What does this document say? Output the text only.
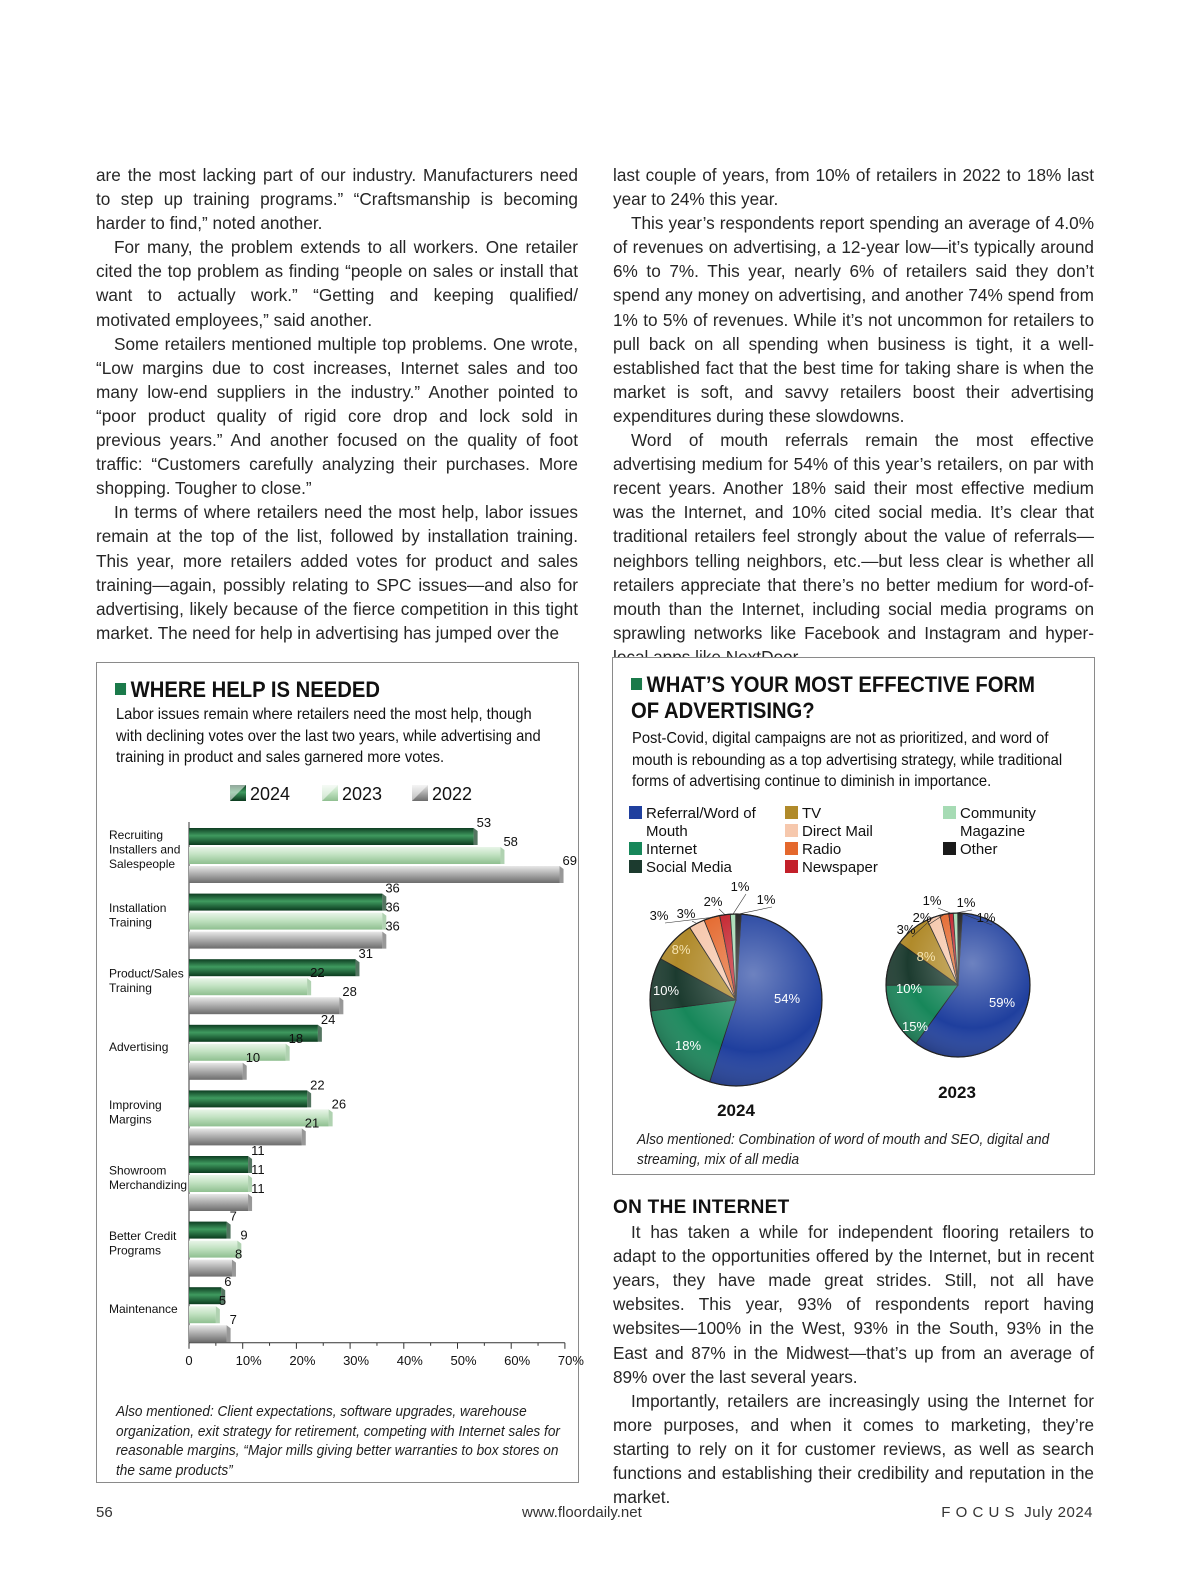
are the most lacking part of our industry. Manufacturers need to step up training programs.” “Craftsmanship is becoming harder to find,” noted another.

For many, the problem extends to all workers. One retailer cited the top problem as finding “people on sales or install that want to actually work.” “Getting and keeping qualified/ motivated employees,” said another.

Some retailers mentioned multiple top problems. One wrote, “Low margins due to cost increases, Internet sales and too many low-end suppliers in the industry.” Another pointed to “poor product quality of rigid core drop and lock sold in previous years.” And another focused on the quality of foot traffic: “Customers carefully analyzing their purchases. More shopping. Tougher to close.”

In terms of where retailers need the most help, labor issues remain at the top of the list, followed by installation training. This year, more retailers added votes for product and sales training—again, possibly relating to SPC issues—and also for advertising, likely because of the fierce competition in this tight market. The need for help in advertising has jumped over the

last couple of years, from 10% of retailers in 2022 to 18% last year to 24% this year.

This year’s respondents report spending an average of 4.0% of revenues on advertising, a 12-year low—it’s typically around 6% to 7%. This year, nearly 6% of retailers said they don’t spend any money on advertising, and another 74% spend from 1% to 5% of revenues. While it’s not uncommon for retailers to pull back on all spending when business is tight, it a well-established fact that the best time for taking share is when the market is soft, and savvy retailers boost their advertising expenditures during these slowdowns.

Word of mouth referrals remain the most effective advertising medium for 54% of this year’s retailers, on par with recent years. Another 18% said their most effective medium was the Internet, and 10% cited social media. It’s clear that traditional retailers feel strongly about the value of referrals—neighbors telling neighbors, etc.—but less clear is whether all retailers appreciate that there’s no better medium for word-of-mouth than the Internet, including social media programs on sprawling networks like Facebook and Instagram and hyper-

WHERE HELP IS NEEDED
Labor issues remain where retailers need the most help, though with declining votes over the last two years, while advertising and training in product and sales garnered more votes.
2024	2023	2022
Recruiting Installers and Salespeople
53
58
69
Installation Training
36
36
36
Product/Sales Training
31
22
28
Advertising
24
18
10
Improving Margins
22
26
21
Showroom Merchandizing
11
11
11
Better Credit Programs
7
9
8
Maintenance
6
5
7
0	10% 20% 30% 40% 50% 60% 70%
Also mentioned: Client expectations, software upgrades, warehouse organization, exit strategy for retirement, competing with Internet sales for reasonable margins, “Major mills giving better warranties to box stores on the same products”
WHAT’S YOUR MOST EFFECTIVE FORM
OF ADVERTISING?
Post-Covid, digital campaigns are not as prioritized, and word of mouth is rebounding as a top advertising strategy, while traditional forms of advertising continue to diminish in importance.
Referral/Word of Mouth
Internet
Social Media
TV
Direct Mail
Radio
Newspaper
Community Magazine
Other
54%
18%
10%
8%
3%
3%
2%
1%
1%
2024
59%
15%
10%
8%
3%
2%
1% 1%
1%
2023
Also mentioned: Combination of word of mouth and SEO, digital and streaming, mix of all media

ON THE INTERNET

It has taken a while for independent flooring retailers to adapt to the opportunities offered by the Internet, but in recent years, they have made great strides. Still, not all have websites. This year, 93% of respondents report having websites—100% in the West, 93% in the South, 93% in the East and 87% in the Midwest—that’s up from an average of 89% over the last several years.

Importantly, retailers are increasingly using the Internet for more purposes, and when it comes to marketing, they’re starting to rely on it for customer reviews, as well as search functions and establishing their credibility and reputation in the market.

56	www.floordaily.net	F O C U S  July 2024
